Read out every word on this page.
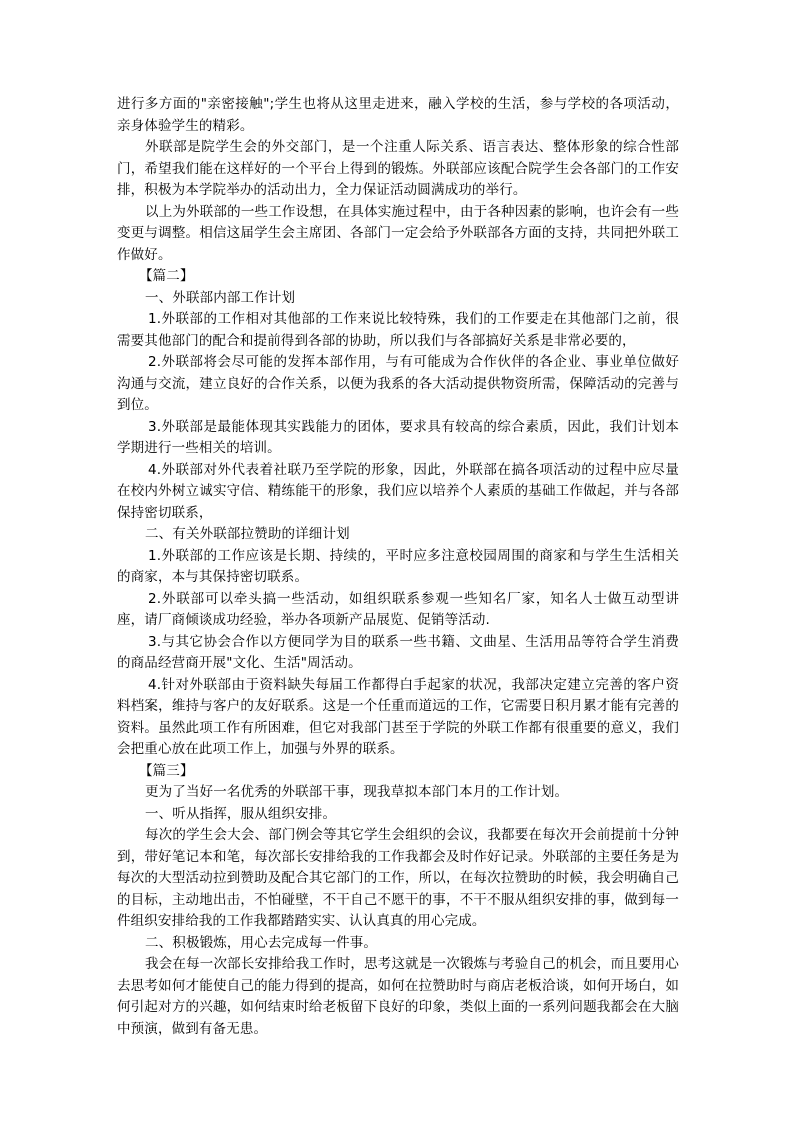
进行多方面的"亲密接触";学生也将从这里走进来，融入学校的生活，参与学校的各项活动，亲身体验学生的精彩。

外联部是院学生会的外交部门，是一个注重人际关系、语言表达、整体形象的综合性部门，希望我们能在这样好的一个平台上得到的锻炼。外联部应该配合院学生会各部门的工作安排，积极为本学院举办的活动出力，全力保证活动圆满成功的举行。

以上为外联部的一些工作设想，在具体实施过程中，由于各种因素的影响，也许会有一些变更与调整。相信这届学生会主席团、各部门一定会给予外联部各方面的支持，共同把外联工作做好。

【篇二】

一、外联部内部工作计划

1.外联部的工作相对其他部的工作来说比较特殊，我们的工作要走在其他部门之前，很需要其他部门的配合和提前得到各部的协助，所以我们与各部搞好关系是非常必要的，

2.外联部将会尽可能的发挥本部作用，与有可能成为合作伙伴的各企业、事业单位做好沟通与交流，建立良好的合作关系，以便为我系的各大活动提供物资所需，保障活动的完善与到位。

3.外联部是最能体现其实践能力的团体，要求具有较高的综合素质，因此，我们计划本学期进行一些相关的培训。

4.外联部对外代表着社联乃至学院的形象，因此，外联部在搞各项活动的过程中应尽量在校内外树立诚实守信、精练能干的形象，我们应以培养个人素质的基础工作做起，并与各部保持密切联系，

二、有关外联部拉赞助的详细计划

1.外联部的工作应该是长期、持续的，平时应多注意校园周围的商家和与学生生活相关的商家，本与其保持密切联系。

2.外联部可以牵头搞一些活动，如组织联系参观一些知名厂家，知名人士做互动型讲座，请厂商倾谈成功经验，举办各项新产品展览、促销等活动.

3.与其它协会合作以方便同学为目的联系一些书籍、文曲星、生活用品等符合学生消费的商品经营商开展"文化、生活"周活动。

4.针对外联部由于资料缺失每届工作都得白手起家的状况，我部决定建立完善的客户资料档案，维持与客户的友好联系。这是一个任重而道远的工作，它需要日积月累才能有完善的资料。虽然此项工作有所困难，但它对我部门甚至于学院的外联工作都有很重要的意义，我们会把重心放在此项工作上，加强与外界的联系。

【篇三】

更为了当好一名优秀的外联部干事，现我草拟本部门本月的工作计划。

一、听从指挥，服从组织安排。

每次的学生会大会、部门例会等其它学生会组织的会议，我都要在每次开会前提前十分钟到，带好笔记本和笔，每次部长安排给我的工作我都会及时作好记录。外联部的主要任务是为每次的大型活动拉到赞助及配合其它部门的工作，所以，在每次拉赞助的时候，我会明确自己的目标，主动地出击，不怕碰壁，不干自己不愿干的事，不干不服从组织安排的事，做到每一件组织安排给我的工作我都踏踏实实、认认真真的用心完成。

二、积极锻炼，用心去完成每一件事。

我会在每一次部长安排给我工作时，思考这就是一次锻炼与考验自己的机会，而且要用心去思考如何才能使自己的能力得到的提高，如何在拉赞助时与商店老板洽谈，如何开场白，如何引起对方的兴趣，如何结束时给老板留下良好的印象，类似上面的一系列问题我都会在大脑中预演，做到有备无患。
